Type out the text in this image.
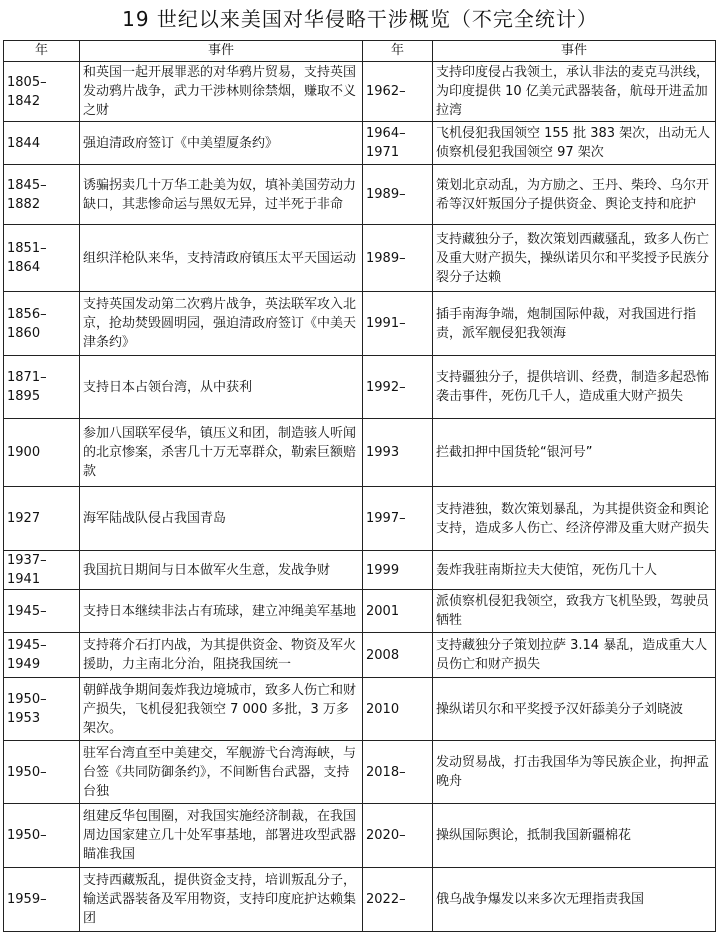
19 世纪以来美国对华侵略干涉概览（不完全统计）
年	事件	年	事件
1805–1842	和英国一起开展罪恶的对华鸦片贸易，支持英国发动鸦片战争，武力干涉林则徐禁烟，赚取不义之财	1962–	支持印度侵占我领土，承认非法的麦克马洪线，为印度提供 10 亿美元武器装备，航母开进孟加拉湾
1844	强迫清政府签订《中美望厦条约》	1964–1971	飞机侵犯我国领空 155 批 383 架次，出动无人侦察机侵犯我国领空 97 架次
1845–1882	诱骗拐卖几十万华工赴美为奴，填补美国劳动力缺口，其悲惨命运与黑奴无异，过半死于非命	1989–	策划北京动乱，为方励之、王丹、柴玲、乌尔开希等汉奸叛国分子提供资金、舆论支持和庇护
1851–1864	组织洋枪队来华，支持清政府镇压太平天国运动	1989–	支持藏独分子，数次策划西藏骚乱，致多人伤亡及重大财产损失，操纵诺贝尔和平奖授予民族分裂分子达赖
1856–1860	支持英国发动第二次鸦片战争，英法联军攻入北京，抢劫焚毁圆明园，强迫清政府签订《中美天津条约》	1991–	插手南海争端，炮制国际仲裁，对我国进行指责，派军舰侵犯我领海
1871–1895	支持日本占领台湾，从中获利	1992–	支持疆独分子，提供培训、经费，制造多起恐怖袭击事件，死伤几千人，造成重大财产损失
1900	参加八国联军侵华，镇压义和团，制造骇人听闻的北京惨案，杀害几十万无辜群众，勒索巨额赔款	1993	拦截扣押中国货轮“银河号”
1927	海军陆战队侵占我国青岛	1997–	支持港独，数次策划暴乱，为其提供资金和舆论支持，造成多人伤亡、经济停滞及重大财产损失
1937–1941	我国抗日期间与日本做军火生意，发战争财	1999	轰炸我驻南斯拉夫大使馆，死伤几十人
1945–	支持日本继续非法占有琉球，建立冲绳美军基地	2001	派侦察机侵犯我领空，致我方飞机坠毁，驾驶员牺牲
1945–1949	支持蒋介石打内战，为其提供资金、物资及军火援助，力主南北分治，阻挠我国统一	2008	支持藏独分子策划拉萨 3.14 暴乱，造成重大人员伤亡和财产损失
1950–1953	朝鲜战争期间轰炸我边境城市，致多人伤亡和财产损失，飞机侵犯我领空 7 000 多批，3 万多架次。	2010	操纵诺贝尔和平奖授予汉奸舔美分子刘晓波
1950–	驻军台湾直至中美建交，军舰游弋台湾海峡，与台签《共同防御条约》，不间断售台武器，支持台独	2018–	发动贸易战，打击我国华为等民族企业，拘押孟晚舟
1950–	组建反华包围圈，对我国实施经济制裁，在我国周边国家建立几十处军事基地，部署进攻型武器瞄准我国	2020–	操纵国际舆论，抵制我国新疆棉花
1959–	支持西藏叛乱，提供资金支持，培训叛乱分子，输送武器装备及军用物资，支持印度庇护达赖集团	2022–	俄乌战争爆发以来多次无理指责我国
